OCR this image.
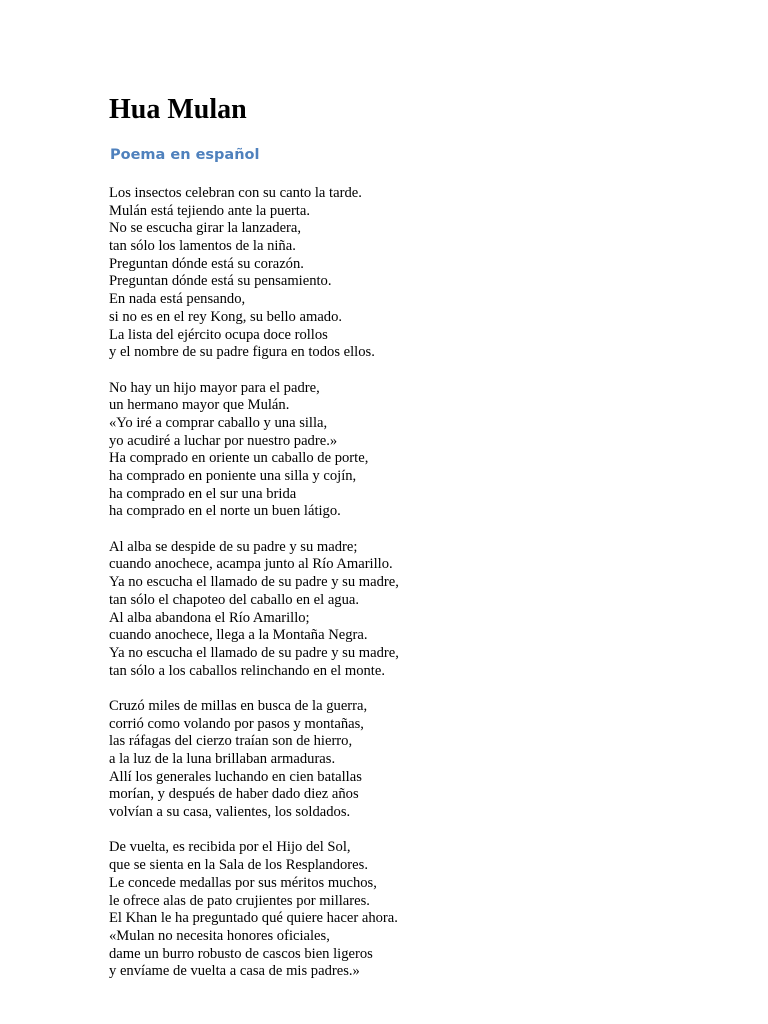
Hua Mulan
Poema en español

Los insectos celebran con su canto la tarde.
Mulán está tejiendo ante la puerta.
No se escucha girar la lanzadera,
tan sólo los lamentos de la niña.
Preguntan dónde está su corazón.
Preguntan dónde está su pensamiento.
En nada está pensando,
si no es en el rey Kong, su bello amado.
La lista del ejército ocupa doce rollos
y el nombre de su padre figura en todos ellos.

No hay un hijo mayor para el padre,
un hermano mayor que Mulán.
«Yo iré a comprar caballo y una silla,
yo acudiré a luchar por nuestro padre.»
Ha comprado en oriente un caballo de porte,
ha comprado en poniente una silla y cojín,
ha comprado en el sur una brida
ha comprado en el norte un buen látigo.

Al alba se despide de su padre y su madre;
cuando anochece, acampa junto al Río Amarillo.
Ya no escucha el llamado de su padre y su madre,
tan sólo el chapoteo del caballo en el agua.
Al alba abandona el Río Amarillo;
cuando anochece, llega a la Montaña Negra.
Ya no escucha el llamado de su padre y su madre,
tan sólo a los caballos relinchando en el monte.

Cruzó miles de millas en busca de la guerra,
corrió como volando por pasos y montañas,
las ráfagas del cierzo traían son de hierro,
a la luz de la luna brillaban armaduras.
Allí los generales luchando en cien batallas
morían, y después de haber dado diez años
volvían a su casa, valientes, los soldados.

De vuelta, es recibida por el Hijo del Sol,
que se sienta en la Sala de los Resplandores.
Le concede medallas por sus méritos muchos,
le ofrece alas de pato crujientes por millares.
El Khan le ha preguntado qué quiere hacer ahora.
«Mulan no necesita honores oficiales,
dame un burro robusto de cascos bien ligeros
y envíame de vuelta a casa de mis padres.»
